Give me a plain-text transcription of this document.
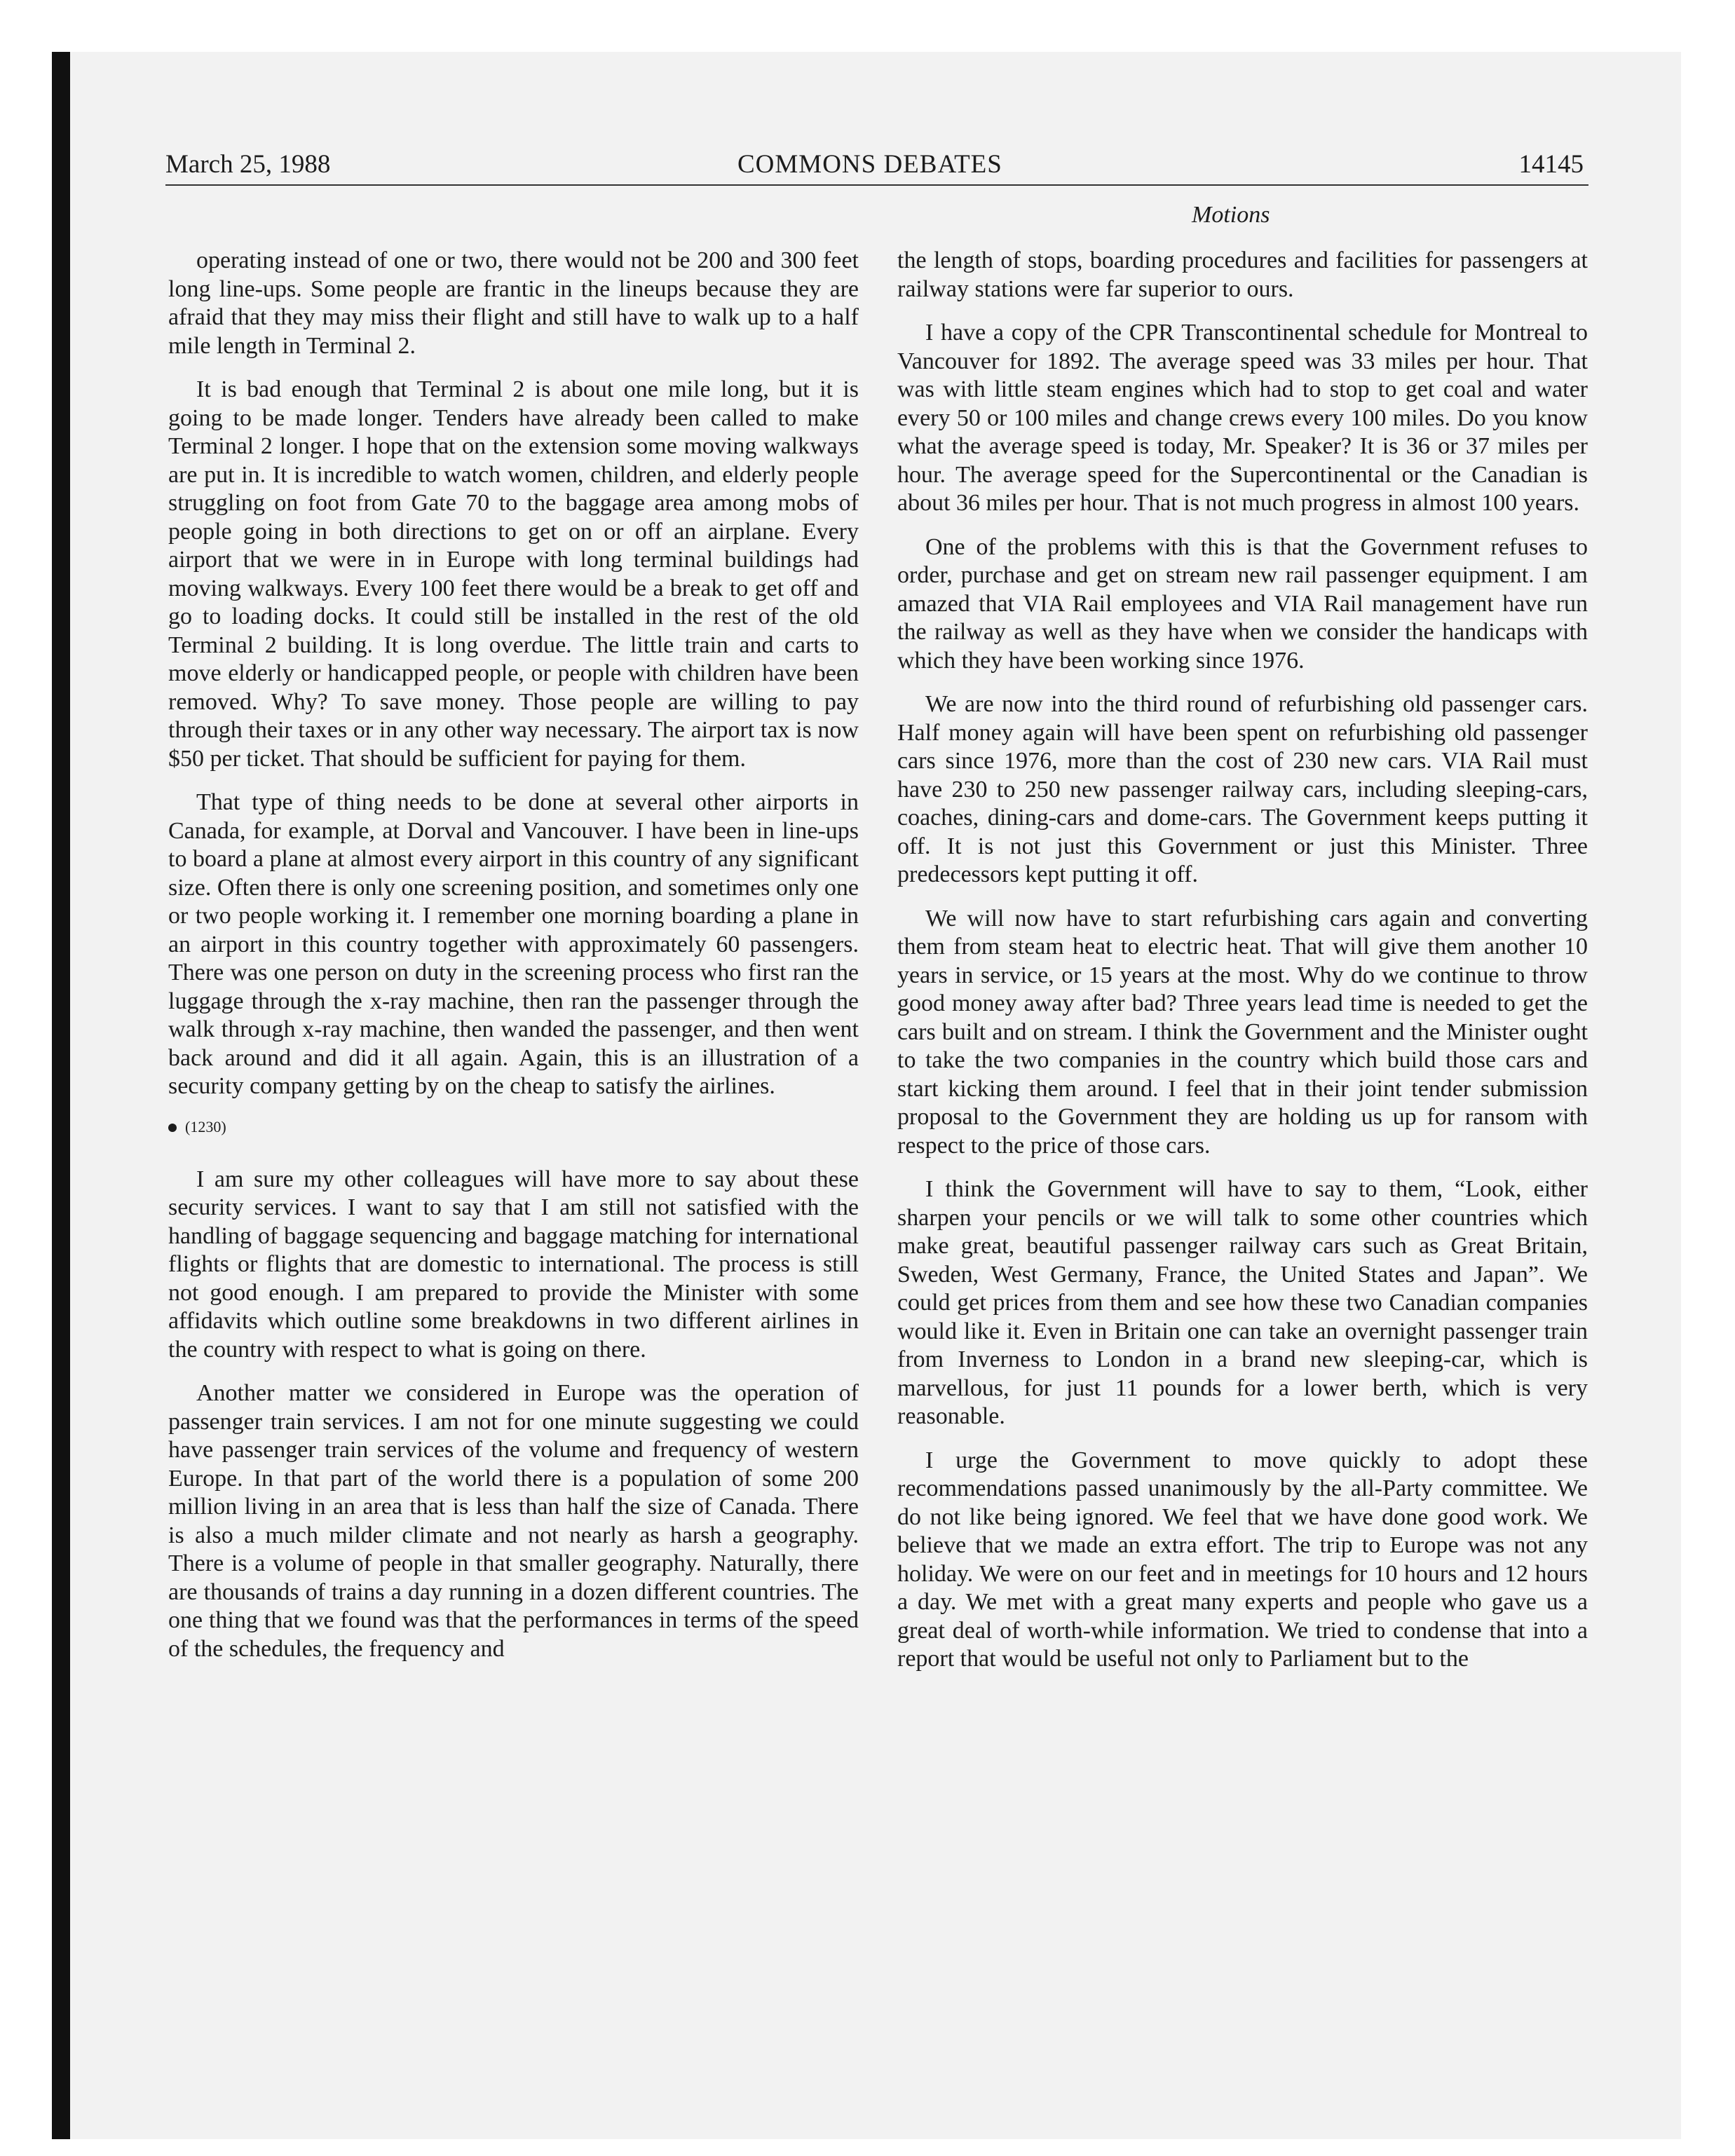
March 25, 1988	COMMONS DEBATES	14145
Motions

operating instead of one or two, there would not be 200 and 300 feet long line-ups. Some people are frantic in the lineups because they are afraid that they may miss their flight and still have to walk up to a half mile length in Terminal 2.

It is bad enough that Terminal 2 is about one mile long, but it is going to be made longer. Tenders have already been called to make Terminal 2 longer. I hope that on the extension some moving walkways are put in. It is incredible to watch women, children, and elderly people struggling on foot from Gate 70 to the baggage area among mobs of people going in both directions to get on or off an airplane. Every airport that we were in in Europe with long terminal buildings had moving walkways. Every 100 feet there would be a break to get off and go to loading docks. It could still be installed in the rest of the old Terminal 2 building. It is long overdue. The little train and carts to move elderly or handicapped people, or people with children have been removed. Why? To save money. Those people are willing to pay through their taxes or in any other way necessary. The airport tax is now $50 per ticket. That should be sufficient for paying for them.

That type of thing needs to be done at several other airports in Canada, for example, at Dorval and Vancouver. I have been in line-ups to board a plane at almost every airport in this country of any significant size. Often there is only one screening position, and sometimes only one or two people working it. I remember one morning boarding a plane in an airport in this country together with approximately 60 passengers. There was one person on duty in the screening process who first ran the luggage through the x-ray machine, then ran the passenger through the walk through x-ray machine, then wanded the passenger, and then went back around and did it all again. Again, this is an illustration of a security company getting by on the cheap to satisfy the airlines.

(1230)

I am sure my other colleagues will have more to say about these security services. I want to say that I am still not satisfied with the handling of baggage sequencing and baggage matching for international flights or flights that are domestic to international. The process is still not good enough. I am prepared to provide the Minister with some affidavits which outline some breakdowns in two different airlines in the country with respect to what is going on there.

Another matter we considered in Europe was the operation of passenger train services. I am not for one minute suggesting we could have passenger train services of the volume and frequency of western Europe. In that part of the world there is a population of some 200 million living in an area that is less than half the size of Canada. There is also a much milder climate and not nearly as harsh a geography. There is a volume of people in that smaller geography. Naturally, there are thousands of trains a day running in a dozen different countries. The one thing that we found was that the performances in terms of the speed of the schedules, the frequency and

the length of stops, boarding procedures and facilities for passengers at railway stations were far superior to ours.

I have a copy of the CPR Transcontinental schedule for Montreal to Vancouver for 1892. The average speed was 33 miles per hour. That was with little steam engines which had to stop to get coal and water every 50 or 100 miles and change crews every 100 miles. Do you know what the average speed is today, Mr. Speaker? It is 36 or 37 miles per hour. The average speed for the Supercontinental or the Canadian is about 36 miles per hour. That is not much progress in almost 100 years.

One of the problems with this is that the Government refuses to order, purchase and get on stream new rail passenger equipment. I am amazed that VIA Rail employees and VIA Rail management have run the railway as well as they have when we consider the handicaps with which they have been working since 1976.

We are now into the third round of refurbishing old passenger cars. Half money again will have been spent on refurbishing old passenger cars since 1976, more than the cost of 230 new cars. VIA Rail must have 230 to 250 new passenger railway cars, including sleeping-cars, coaches, dining-cars and dome-cars. The Government keeps putting it off. It is not just this Government or just this Minister. Three predecessors kept putting it off.

We will now have to start refurbishing cars again and converting them from steam heat to electric heat. That will give them another 10 years in service, or 15 years at the most. Why do we continue to throw good money away after bad? Three years lead time is needed to get the cars built and on stream. I think the Government and the Minister ought to take the two companies in the country which build those cars and start kicking them around. I feel that in their joint tender submission proposal to the Government they are holding us up for ransom with respect to the price of those cars.

I think the Government will have to say to them, “Look, either sharpen your pencils or we will talk to some other countries which make great, beautiful passenger railway cars such as Great Britain, Sweden, West Germany, France, the United States and Japan”. We could get prices from them and see how these two Canadian companies would like it. Even in Britain one can take an overnight passenger train from Inverness to London in a brand new sleeping-car, which is marvellous, for just 11 pounds for a lower berth, which is very reasonable.

I urge the Government to move quickly to adopt these recommendations passed unanimously by the all-Party committee. We do not like being ignored. We feel that we have done good work. We believe that we made an extra effort. The trip to Europe was not any holiday. We were on our feet and in meetings for 10 hours and 12 hours a day. We met with a great many experts and people who gave us a great deal of worth-while information. We tried to condense that into a report that would be useful not only to Parliament but to the
